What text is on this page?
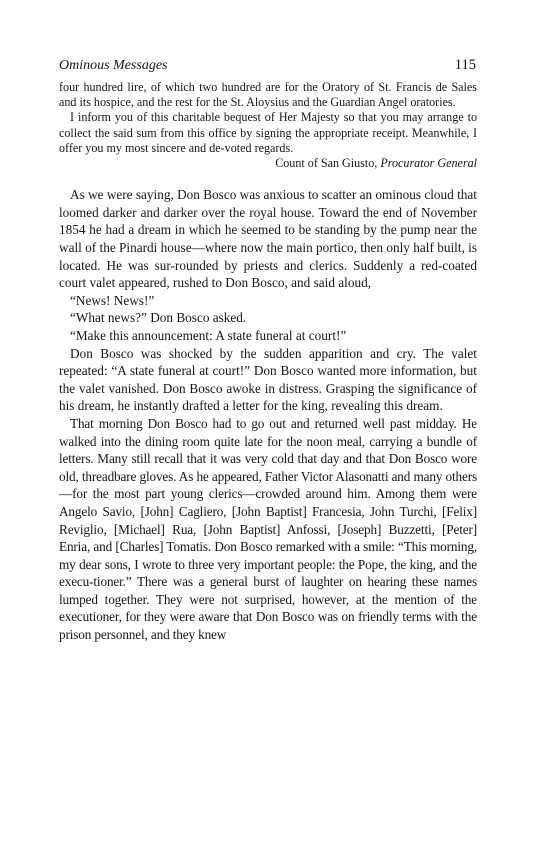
Ominous Messages	115

four hundred lire, of which two hundred are for the Oratory of St. Francis de Sales and its hospice, and the rest for the St. Aloysius and the Guardian Angel oratories.

I inform you of this charitable bequest of Her Majesty so that you may arrange to collect the said sum from this office by signing the appropriate receipt. Meanwhile, I offer you my most sincere and de-voted regards.

Count of San Giusto, Procurator General

As we were saying, Don Bosco was anxious to scatter an ominous cloud that loomed darker and darker over the royal house. Toward the end of November 1854 he had a dream in which he seemed to be standing by the pump near the wall of the Pinardi house—where now the main portico, then only half built, is located. He was sur-rounded by priests and clerics. Suddenly a red-coated court valet appeared, rushed to Don Bosco, and said aloud,

“News! News!”

“What news?” Don Bosco asked.

“Make this announcement: A state funeral at court!”

Don Bosco was shocked by the sudden apparition and cry. The valet repeated: “A state funeral at court!” Don Bosco wanted more information, but the valet vanished. Don Bosco awoke in distress. Grasping the significance of his dream, he instantly drafted a letter for the king, revealing this dream.

That morning Don Bosco had to go out and returned well past midday. He walked into the dining room quite late for the noon meal, carrying a bundle of letters. Many still recall that it was very cold that day and that Don Bosco wore old, threadbare gloves. As he appeared, Father Victor Alasonatti and many others—for the most part young clerics—crowded around him. Among them were Angelo Savio, [John] Cagliero, [John Baptist] Francesia, John Turchi, [Felix] Reviglio, [Michael] Rua, [John Baptist] Anfossi, [Joseph] Buzzetti, [Peter] Enria, and [Charles] Tomatis. Don Bosco remarked with a smile: “This morning, my dear sons, I wrote to three very important people: the Pope, the king, and the execu-tioner.” There was a general burst of laughter on hearing these names lumped together. They were not surprised, however, at the mention of the executioner, for they were aware that Don Bosco was on friendly terms with the prison personnel, and they knew
